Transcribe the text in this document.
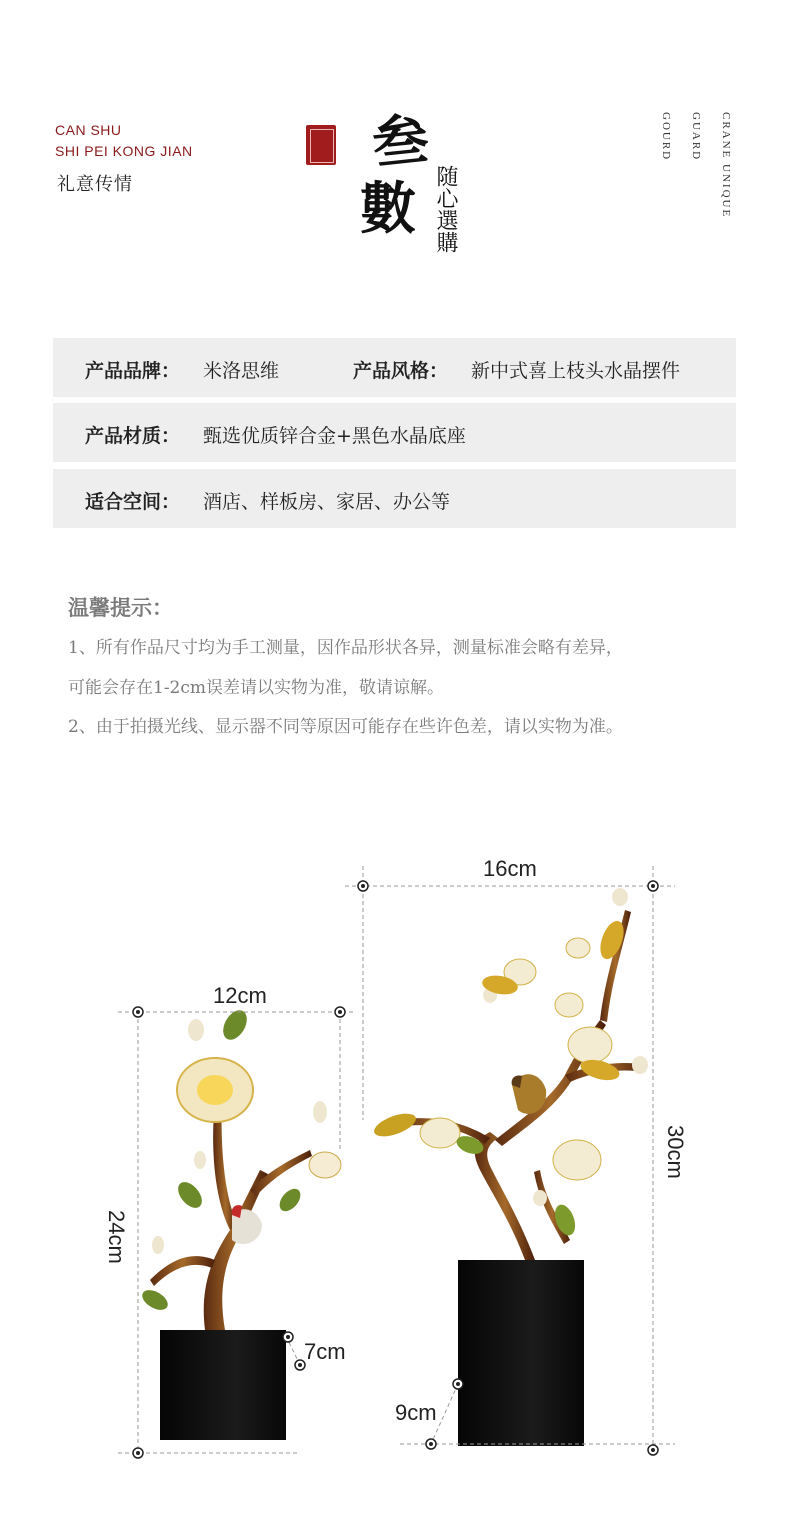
CAN SHU
SHI PEI KONG JIAN
礼意传情
叁
數 随心選購	CRANE UNIQUE
GUARD
GOURD
产品品牌： 米洛思维	产品风格： 新中式喜上枝头水晶摆件
产品材质： 甄选优质锌合金+黑色水晶底座
适合空间： 酒店、样板房、家居、办公等
温馨提示：
1、所有作品尺寸均为手工测量，因作品形状各异，测量标准会略有差异，
可能会存在1-2cm误差请以实物为准，敬请谅解。
2、由于拍摄光线、显示器不同等原因可能存在些许色差，请以实物为准。
12cm
24cm
7cm
16cm
30cm
9cm
